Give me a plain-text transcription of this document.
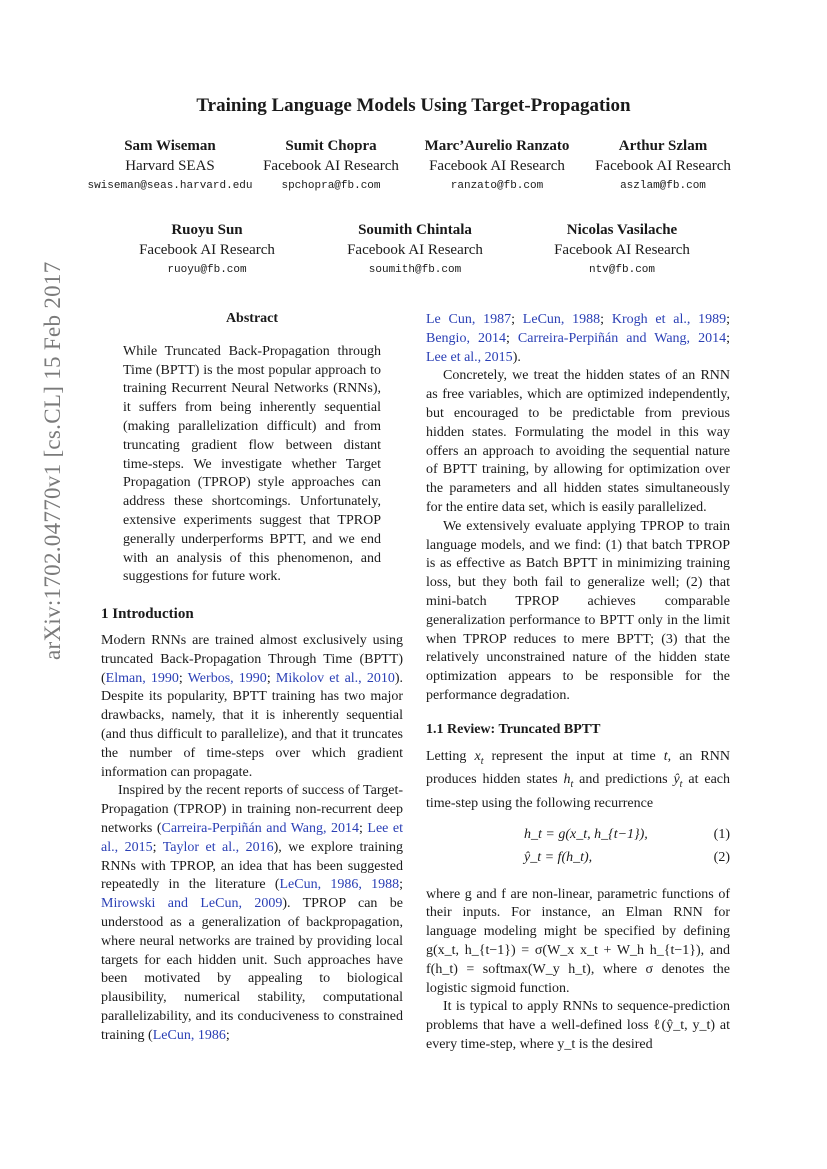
Training Language Models Using Target-Propagation
Sam Wiseman
Harvard SEAS
swiseman@seas.harvard.edu
Sumit Chopra
Facebook AI Research
spchopra@fb.com
Marc’Aurelio Ranzato
Facebook AI Research
ranzato@fb.com
Arthur Szlam
Facebook AI Research
aszlam@fb.com
Ruoyu Sun
Facebook AI Research
ruoyu@fb.com
Soumith Chintala
Facebook AI Research
soumith@fb.com
Nicolas Vasilache
Facebook AI Research
ntv@fb.com
arXiv:1702.04770v1 [cs.CL] 15 Feb 2017	Abstract

While Truncated Back-Propagation through Time (BPTT) is the most popular approach to training Recurrent Neural Networks (RNNs), it suffers from being inherently sequential (making parallelization difficult) and from truncating gradient flow between distant time-steps. We investigate whether Target Propagation (TPROP) style approaches can address these shortcomings. Unfortunately, extensive experiments suggest that TPROP generally underperforms BPTT, and we end with an analysis of this phenomenon, and suggestions for future work.

1 Introduction

Modern RNNs are trained almost exclusively using truncated Back-Propagation Through Time (BPTT) (Elman, 1990; Werbos, 1990; Mikolov et al., 2010). Despite its popularity, BPTT training has two major drawbacks, namely, that it is inherently sequential (and thus difficult to parallelize), and that it truncates the number of time-steps over which gradient information can propagate.

Inspired by the recent reports of success of Target-Propagation (TPROP) in training non-recurrent deep networks (Carreira-Perpiñán and Wang, 2014; Lee et al., 2015; Taylor et al., 2016), we explore training RNNs with TPROP, an idea that has been suggested repeatedly in the literature (LeCun, 1986, 1988; Mirowski and LeCun, 2009). TPROP can be understood as a generalization of backpropagation, where neural networks are trained by providing local targets for each hidden unit. Such approaches have been motivated by appealing to biological plausibility, numerical stability, computational parallelizability, and its conduciveness to constrained training (LeCun, 1986;

Le Cun, 1987; LeCun, 1988; Krogh et al., 1989; Bengio, 2014; Carreira-Perpiñán and Wang, 2014; Lee et al., 2015).

Concretely, we treat the hidden states of an RNN as free variables, which are optimized independently, but encouraged to be predictable from previous hidden states. Formulating the model in this way offers an approach to avoiding the sequential nature of BPTT training, by allowing for optimization over the parameters and all hidden states simultaneously for the entire data set, which is easily parallelized.

We extensively evaluate applying TPROP to train language models, and we find: (1) that batch TPROP is as effective as Batch BPTT in minimizing training loss, but they both fail to generalize well; (2) that mini-batch TPROP achieves comparable generalization performance to BPTT only in the limit when TPROP reduces to mere BPTT; (3) that the relatively unconstrained nature of the hidden state optimization appears to be responsible for the performance degradation.

1.1 Review: Truncated BPTT

Letting $x_t$ represent the input at time t, an RNN produces hidden states $h_t$ and predictions $ŷ_t$ at each time-step using the following recurrence

h_t = g(x_t, h_{t−1}),	(1)
ŷ_t = f(h_t),	(2)

where g and f are non-linear, parametric functions of their inputs. For instance, an Elman RNN for language modeling might be specified by defining g(x_t, h_{t−1}) = σ(W_x x_t + W_h h_{t−1}), and f(h_t) = softmax(W_y h_t), where σ denotes the logistic sigmoid function.

It is typical to apply RNNs to sequence-prediction problems that have a well-defined loss ℓ(ŷ_t, y_t) at every time-step, where y_t is the desired
